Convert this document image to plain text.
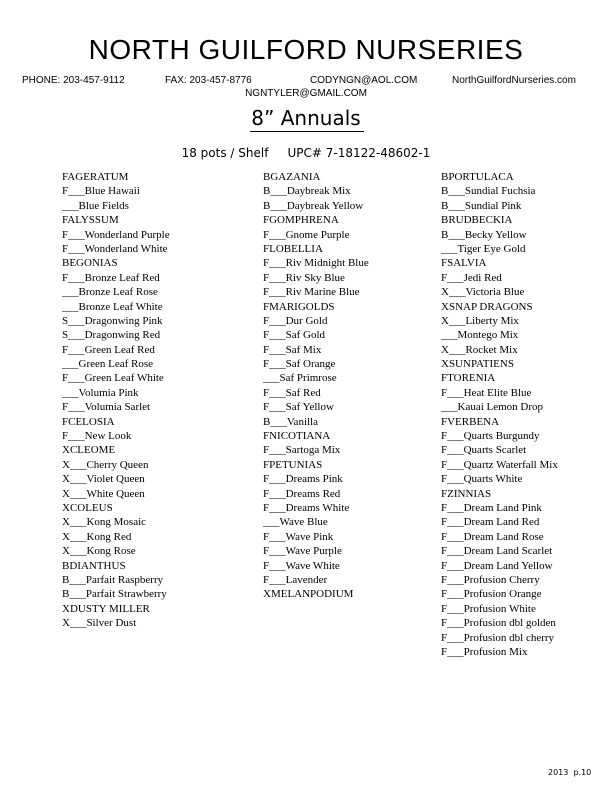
NORTH GUILFORD NURSERIES
PHONE: 203-457-9112	FAX: 203-457-8776	CODYNGN@AOL.COM	NorthGuilfordNurseries.com
NGNTYLER@GMAIL.COM
8” Annuals
18 pots / Shelf UPC# 7-18122-48602-1
FAGERATUM
F___Blue Hawaii
___Blue Fields
FALYSSUM
F___Wonderland Purple
F___Wonderland White
BEGONIAS
F___Bronze Leaf Red
___Bronze Leaf Rose
___Bronze Leaf White
S___Dragonwing Pink
S___Dragonwing Red
F___Green Leaf Red
___Green Leaf Rose
F___Green Leaf White
___Volumia Pink
F___Volumia Sarlet
FCELOSIA
F___New Look
XCLEOME
X___Cherry Queen
X___Violet Queen
X___White Queen
XCOLEUS
X___Kong Mosaic
X___Kong Red
X___Kong Rose
BDIANTHUS
B___Parfait Raspberry
B___Parfait Strawberry
XDUSTY MILLER
X___Silver Dust
BGAZANIA
B___Daybreak Mix
B___Daybreak Yellow
FGOMPHRENA
F___Gnome Purple
FLOBELLIA
F___Riv Midnight Blue
F___Riv Sky Blue
F___Riv Marine Blue
FMARIGOLDS
F___Dur Gold
F___Saf Gold
F___Saf Mix
F___Saf Orange
___Saf Primrose
F___Saf Red
F___Saf Yellow
B___Vanilla
FNICOTIANA
F___Sartoga Mix
FPETUNIAS
F___Dreams Pink
F___Dreams Red
F___Dreams White
___Wave Blue
F___Wave Pink
F___Wave Purple
F___Wave White
F___Lavender
XMELANPODIUM
BPORTULACA
B___Sundial Fuchsia
B___Sundial Pink
BRUDBECKIA
B___Becky Yellow
___Tiger Eye Gold
FSALVIA
F___Jedi Red
X___Victoria Blue
XSNAP DRAGONS
X___Liberty Mix
___Montego Mix
X___Rocket Mix
XSUNPATIENS
FTORENIA
F___Heat Elite Blue
___Kauai Lemon Drop
FVERBENA
F___Quarts Burgundy
F___Quarts Scarlet
F___Quartz Waterfall Mix
F___Quarts White
FZINNIAS
F___Dream Land Pink
F___Dream Land Red
F___Dream Land Rose
F___Dream Land Scarlet
F___Dream Land Yellow
F___Profusion Cherry
F___Profusion Orange
F___Profusion White
F___Profusion dbl golden
F___Profusion dbl cherry
F___Profusion Mix
2013 p.10
